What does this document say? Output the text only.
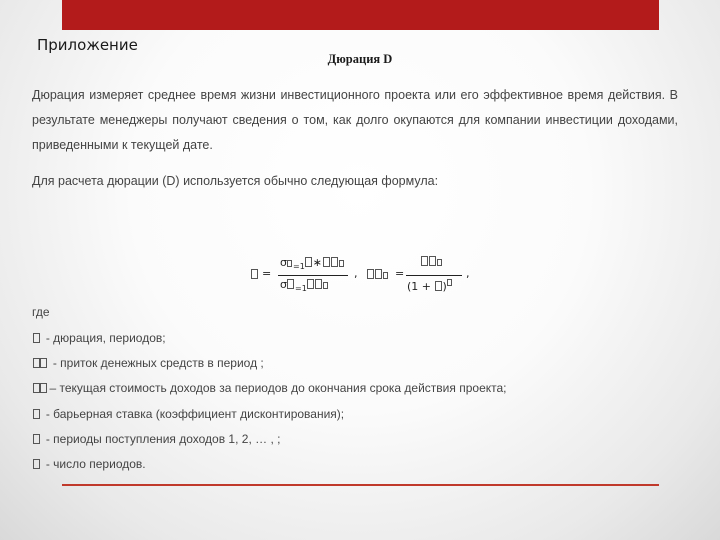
Приложение
Дюрация D
Дюрация измеряет среднее время жизни инвестиционного проекта или его эффективное время действия. В результате менеджеры получают сведения о том, как долго окупаются для компании инвестиции доходами, приведенными к текущей дате.
Для расчета дюрации (D) используется обычно следующая формула:
=
σ $_{=1}$ ∗
σ $_{=1}$
,	=
(1 + )
,
где
- дюрация, периодов;
- приток денежных средств в период ;
– текущая стоимость доходов за периодов до окончания срока действия проекта;
- барьерная ставка (коэффициент дисконтирования);
- периоды поступления доходов 1, 2, … , ;
- число периодов.
